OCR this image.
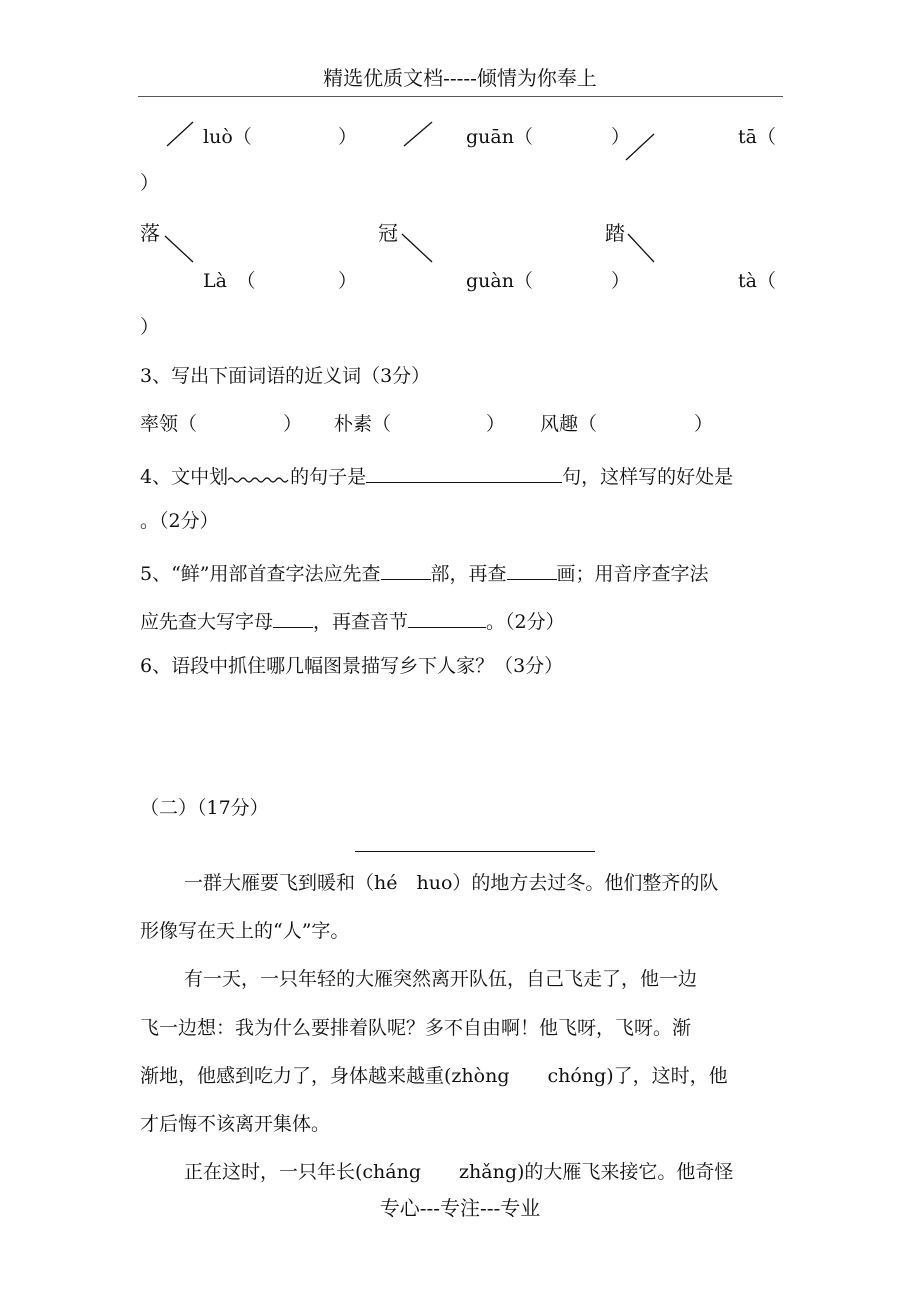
精选优质文档-----倾情为你奉上
luò（	）	guān（	）	tā（
）
落	冠	踏
Là　（	）	guàn（	）	tà（
）
3、写出下面词语的近义词（3分）
率领（	） 朴素（	） 风趣（	）
4、文中划	的句子是	句，这样写的好处是
。（2分）
5、“鲜”用部首查字法应先查	部，再查	画；用音序查字法
应先查大写字母 ，再查音节	。（2分）
6、语段中抓住哪几幅图景描写乡下人家？（3分）
（二）（17分）
一群大雁要飞到暖和（hé　huo）的地方去过冬。他们整齐的队
形像写在天上的“人”字。
有一天，一只年轻的大雁突然离开队伍，自己飞走了，他一边
飞一边想：我为什么要排着队呢？多不自由啊！他飞呀，飞呀。渐
渐地，他感到吃力了，身体越来越重(zhòng　　chóng)了，这时，他
才后悔不该离开集体。
正在这时，一只年长(cháng　　zhǎng)的大雁飞来接它。他奇怪
专心---专注---专业
